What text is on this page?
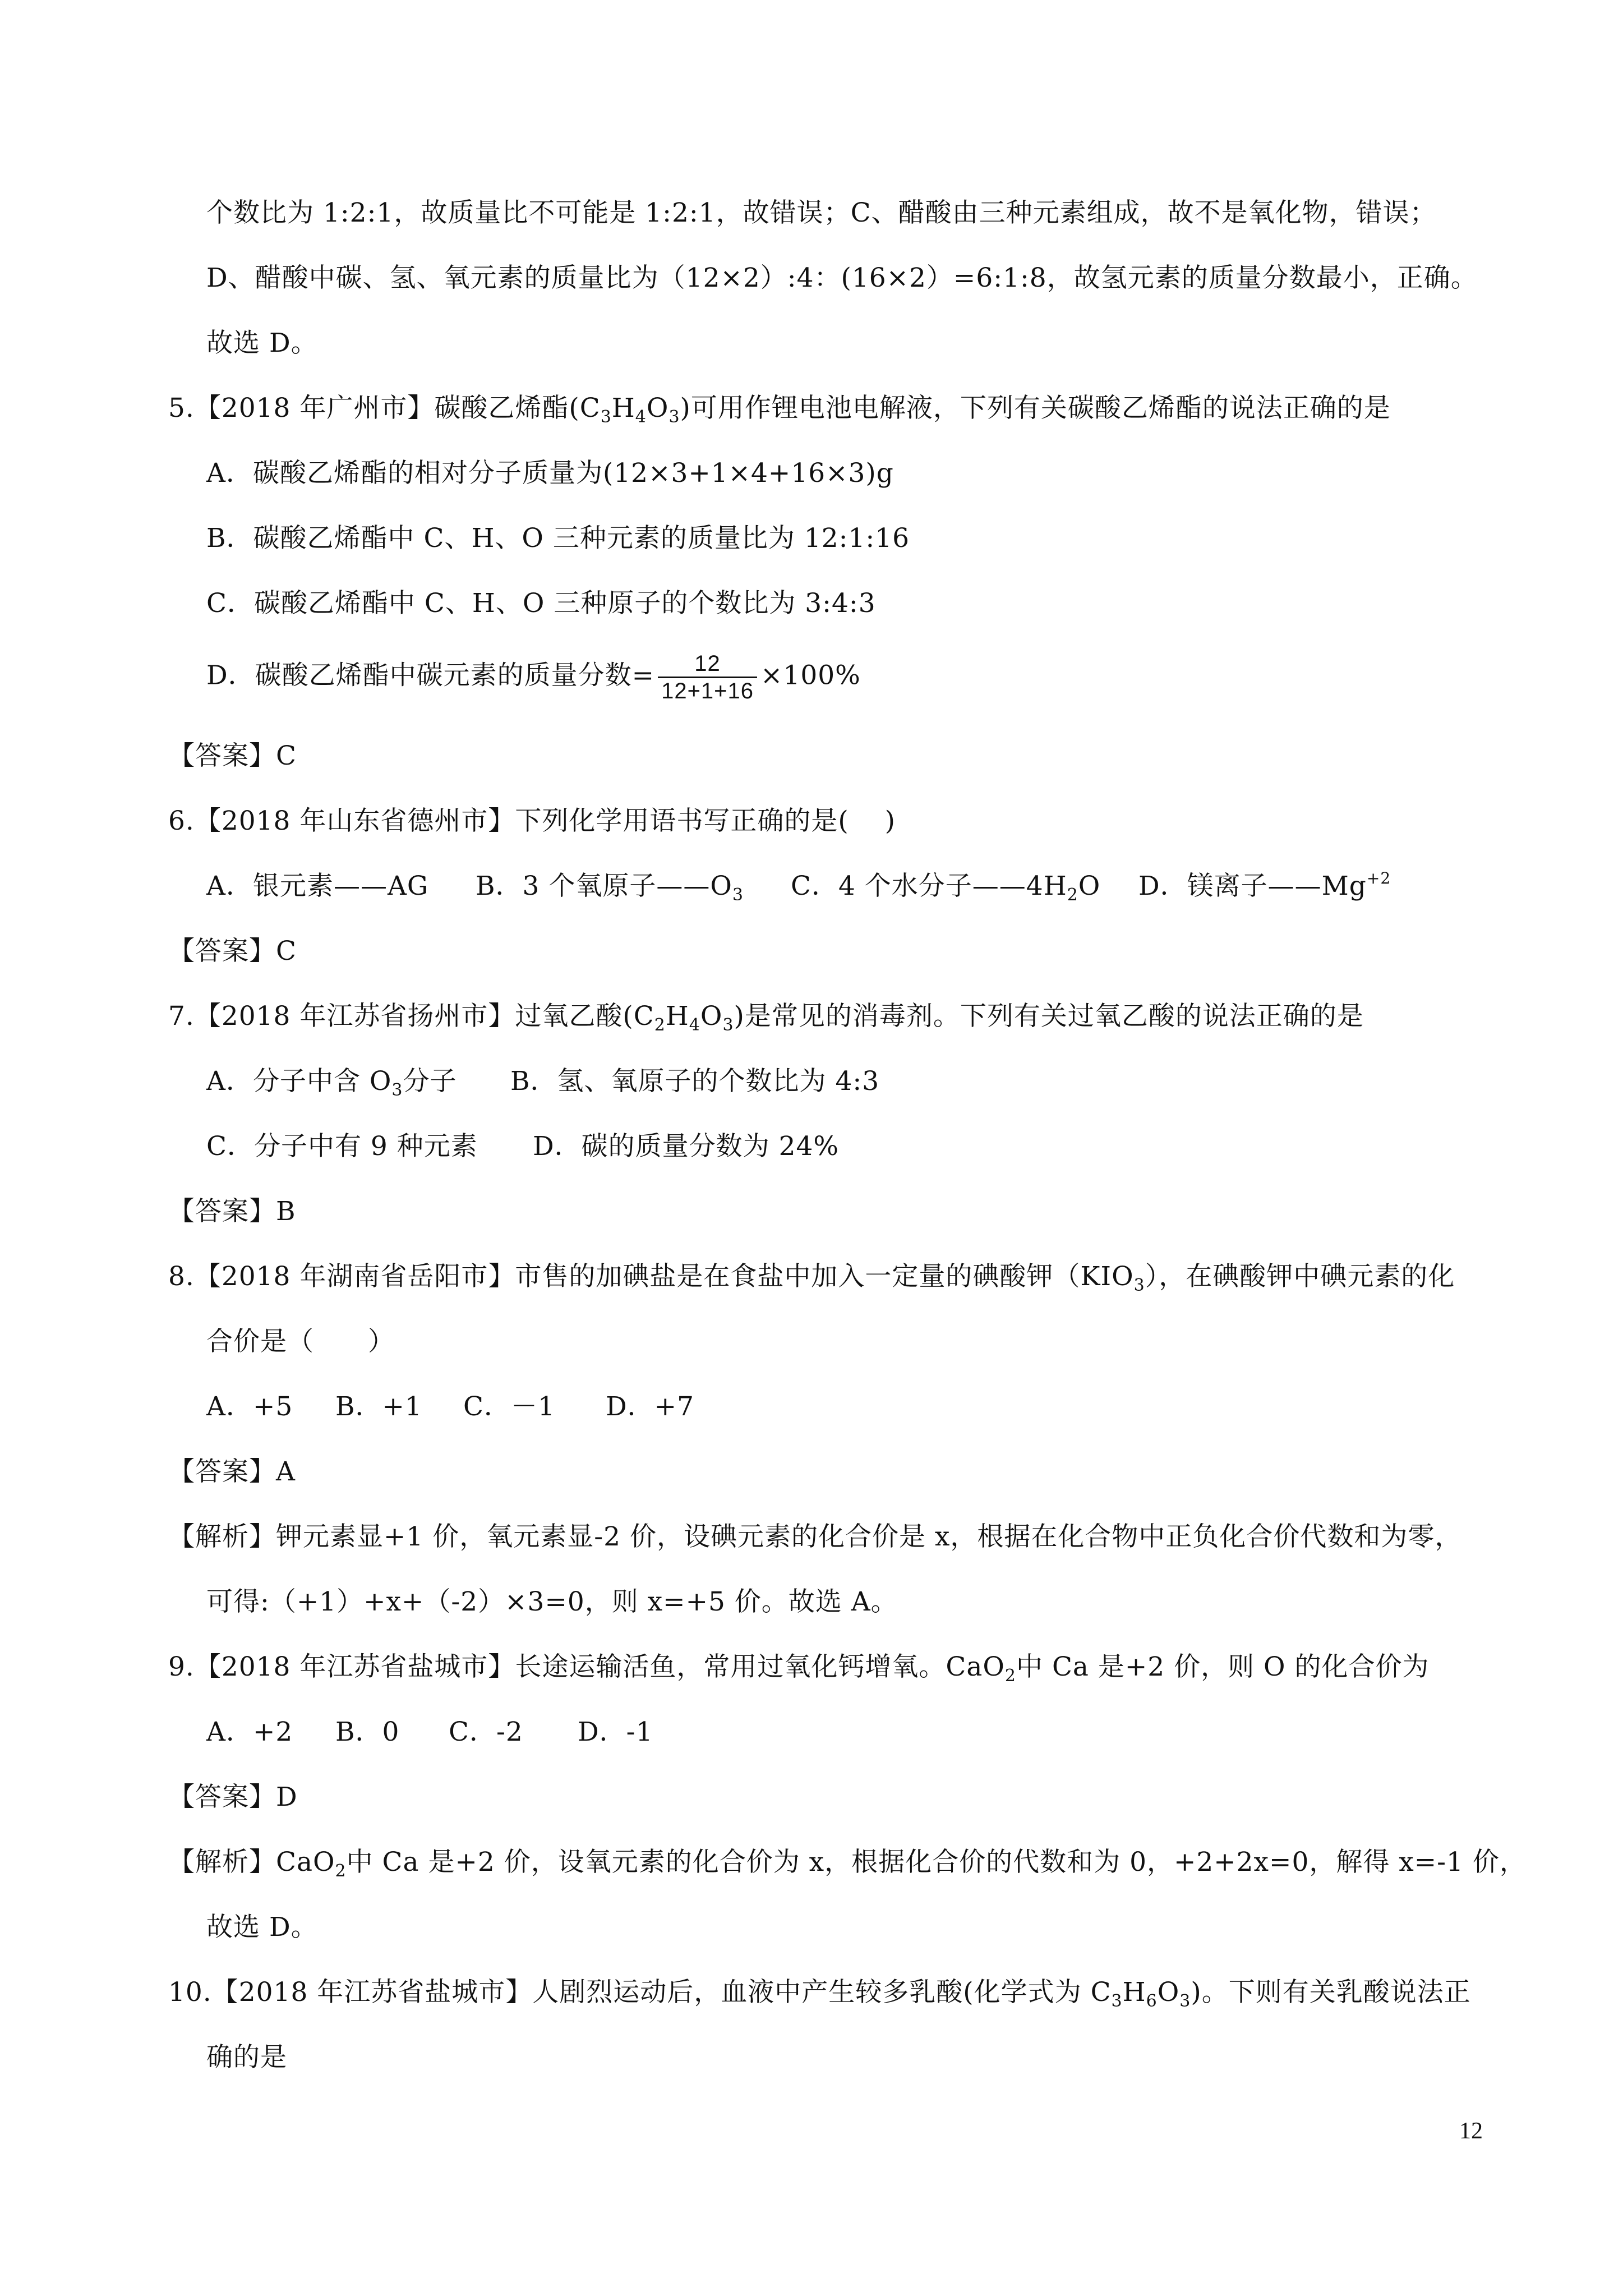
个数比为 1:2:1，故质量比不可能是 1:2:1，故错误；C、醋酸由三种元素组成，故不是氧化物，错误；
D、醋酸中碳、氢、氧元素的质量比为（12×2）:4：(16×2）=6:1:8，故氢元素的质量分数最小，正确。
故选 D。
5.【2018 年广州市】碳酸乙烯酯$(C_3H_4O_3)$可用作锂电池电解液，下列有关碳酸乙烯酯的说法正确的是
A．碳酸乙烯酯的相对分子质量为(12×3+1×4+16×3)g
B．碳酸乙烯酯中 C、H、O 三种元素的质量比为 12:1:16
C．碳酸乙烯酯中 C、H、O 三种原子的个数比为 3:4:3
D．碳酸乙烯酯中碳元素的质量分数= $\frac{12}{12+1+16} \times 100\%$
【答案】C
6.【2018 年山东省德州市】下列化学用语书写正确的是(　 )
A．银元素——AG B．3 个氧原子$——O_3$ C．4 个水分子$——4H_2O$ D．镁离子$——Mg^{+2}$
【答案】C
7.【2018 年江苏省扬州市】过氧乙酸$(C_2H_4O_3)$是常见的消毒剂。下列有关过氧乙酸的说法正确的是
A．分子中含 $O_3$分子 B．氢、氧原子的个数比为 4:3
C．分子中有 9 种元素 D．碳的质量分数为 24%
【答案】B
8.【2018 年湖南省岳阳市】市售的加碘盐是在食盐中加入一定量的碘酸钾$(KIO_3)$，在碘酸钾中碘元素的化
合价是（　　）
A．+5 B．+1 C．－1 D．+7
【答案】A
【解析】钾元素显+1 价，氧元素显-2 价，设碘元素的化合价是 x，根据在化合物中正负化合价代数和为零，
可得:（+1）+x+（-2）×3=0，则 x=+5 价。故选 A。
9.【2018 年江苏省盐城市】长途运输活鱼，常用过氧化钙增氧。CaO$_2$中 Ca 是+2 价，则 O 的化合价为
A．+2 B．0 C．-2 D．-1
【答案】D
【解析】CaO$_2$中 Ca 是+2 价，设氧元素的化合价为 x，根据化合价的代数和为 0，+2+2x=0，解得 x=-1 价，
故选 D。
10.【2018 年江苏省盐城市】人剧烈运动后，血液中产生较多乳酸(化学式为 $C_3H_6O_3$)。下则有关乳酸说法正
确的是
12
